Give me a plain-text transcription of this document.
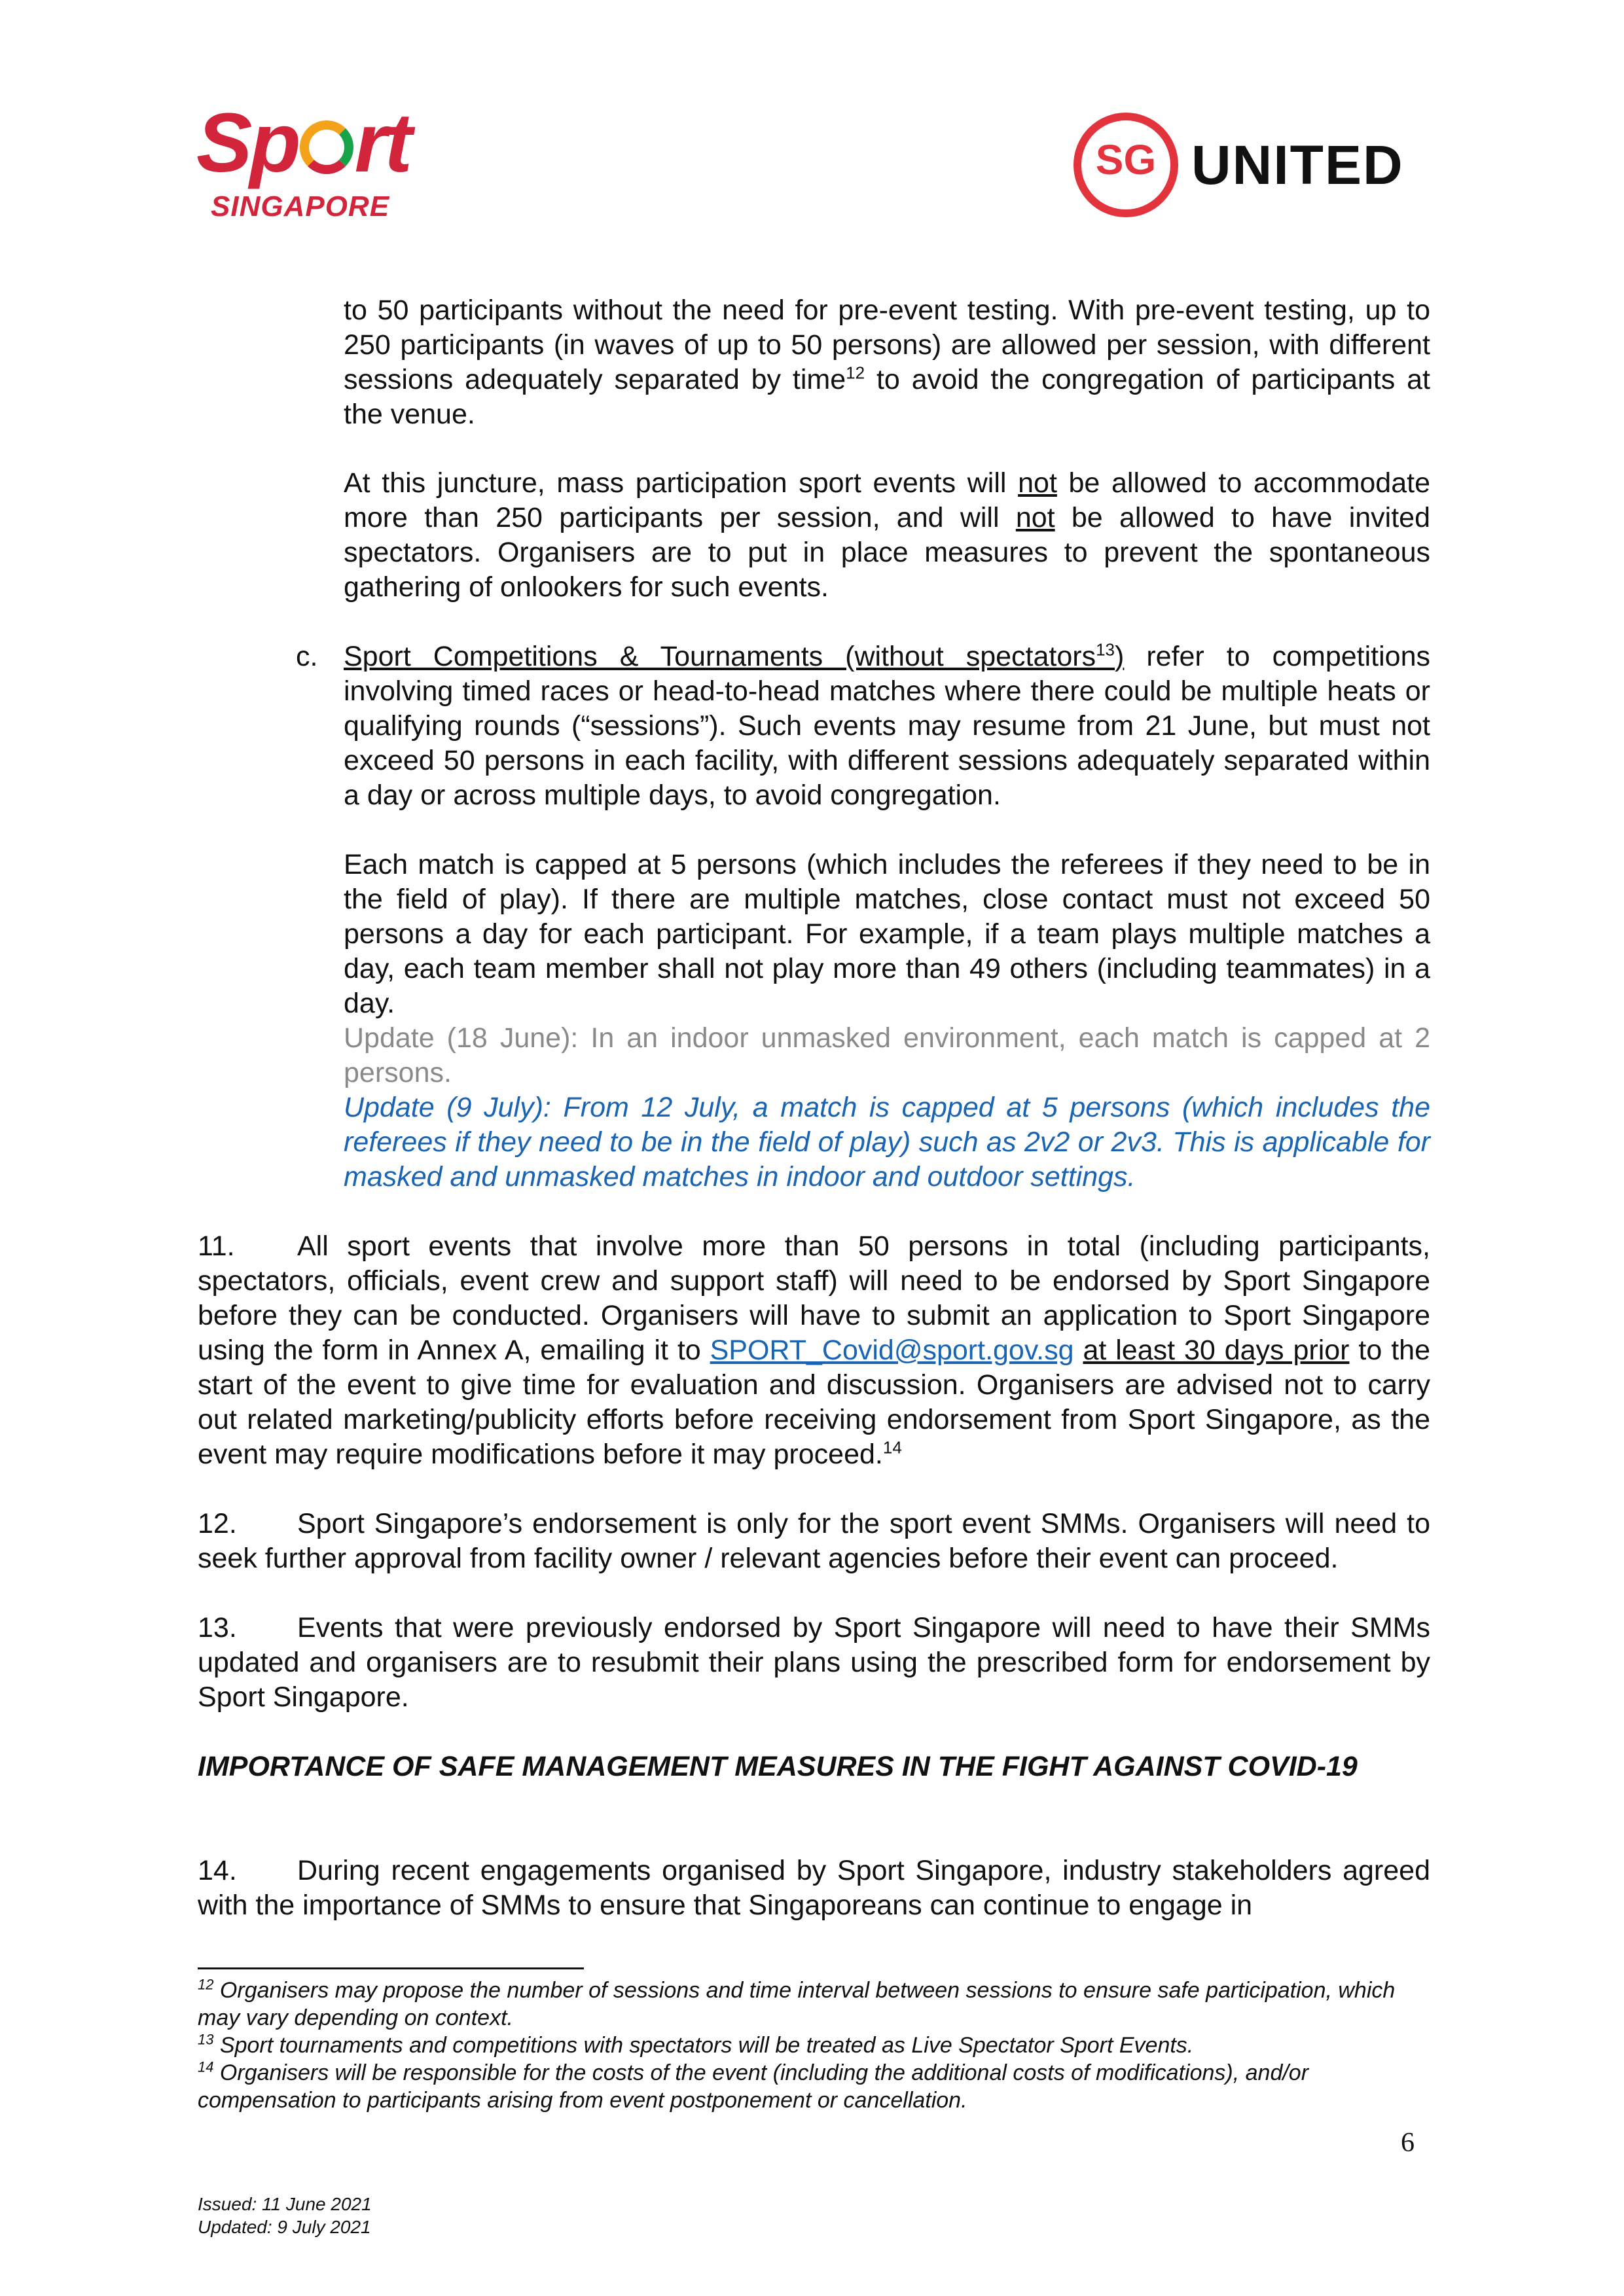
Sp rt
SINGAPORE
SG UNITED
to 50 participants without the need for pre-event testing. With pre-event testing, up to 250 participants (in waves of up to 50 persons) are allowed per session, with different sessions adequately separated by time$^{12}$ to avoid the congregation of participants at the venue.
At this juncture, mass participation sport events will not be allowed to accommodate more than 250 participants per session, and will not be allowed to have invited spectators. Organisers are to put in place measures to prevent the spontaneous gathering of onlookers for such events.
c. Sport Competitions & Tournaments (without spectators$^{13}$) refer to competitions involving timed races or head-to-head matches where there could be multiple heats or qualifying rounds (“sessions”). Such events may resume from 21 June, but must not exceed 50 persons in each facility, with different sessions adequately separated within a day or across multiple days, to avoid congregation.
Each match is capped at 5 persons (which includes the referees if they need to be in the field of play). If there are multiple matches, close contact must not exceed 50 persons a day for each participant. For example, if a team plays multiple matches a day, each team member shall not play more than 49 others (including teammates) in a day.
Update (18 June): In an indoor unmasked environment, each match is capped at 2 persons.
Update (9 July): From 12 July, a match is capped at 5 persons (which includes the referees if they need to be in the field of play) such as 2v2 or 2v3. This is applicable for masked and unmasked matches in indoor and outdoor settings.
11. All sport events that involve more than 50 persons in total (including participants, spectators, officials, event crew and support staff) will need to be endorsed by Sport Singapore before they can be conducted. Organisers will have to submit an application to Sport Singapore using the form in Annex A, emailing it to SPORT_Covid@sport.gov.sg at least 30 days prior to the start of the event to give time for evaluation and discussion. Organisers are advised not to carry out related marketing/publicity efforts before receiving endorsement from Sport Singapore, as the event may require modifications before it may proceed.$^{14}$
12. Sport Singapore’s endorsement is only for the sport event SMMs. Organisers will need to seek further approval from facility owner / relevant agencies before their event can proceed.
13. Events that were previously endorsed by Sport Singapore will need to have their SMMs updated and organisers are to resubmit their plans using the prescribed form for endorsement by Sport Singapore.
IMPORTANCE OF SAFE MANAGEMENT MEASURES IN THE FIGHT AGAINST COVID-19
14. During recent engagements organised by Sport Singapore, industry stakeholders agreed with the importance of SMMs to ensure that Singaporeans can continue to engage in

$^{12}$ Organisers may propose the number of sessions and time interval between sessions to ensure safe participation, which may vary depending on context.

$^{13}$ Sport tournaments and competitions with spectators will be treated as Live Spectator Sport Events.

$^{14}$ Organisers will be responsible for the costs of the event (including the additional costs of modifications), and/or compensation to participants arising from event postponement or cancellation.

6
Issued: 11 June 2021
Updated: 9 July 2021
